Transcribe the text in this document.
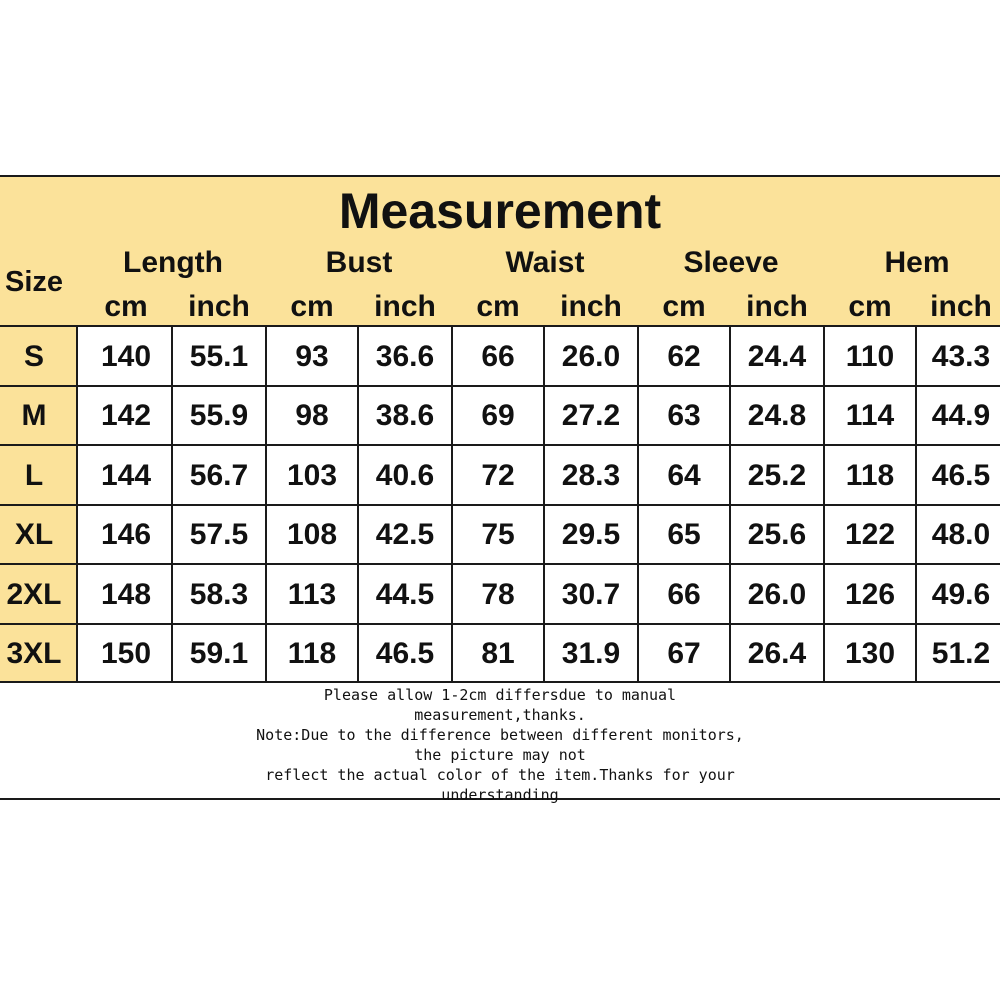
Measurement
Size
Length	Bust	Waist	Sleeve	Hem
cm	inch	cm	inch	cm	inch	cm	inch	cm	inch
S	140	55.1	93	36.6	66	26.0	62	24.4	110	43.3
M	142	55.9	98	38.6	69	27.2	63	24.8	114	44.9
L	144	56.7	103	40.6	72	28.3	64	25.2	118	46.5
XL	146	57.5	108	42.5	75	29.5	65	25.6	122	48.0
2XL	148	58.3	113	44.5	78	30.7	66	26.0	126	49.6
3XL	150	59.1	118	46.5	81	31.9	67	26.4	130	51.2
Please allow 1-2cm differsdue to manual
measurement,thanks.
Note:Due to the difference between different monitors,
the picture may not
reflect the actual color of the item.Thanks for your
understanding
